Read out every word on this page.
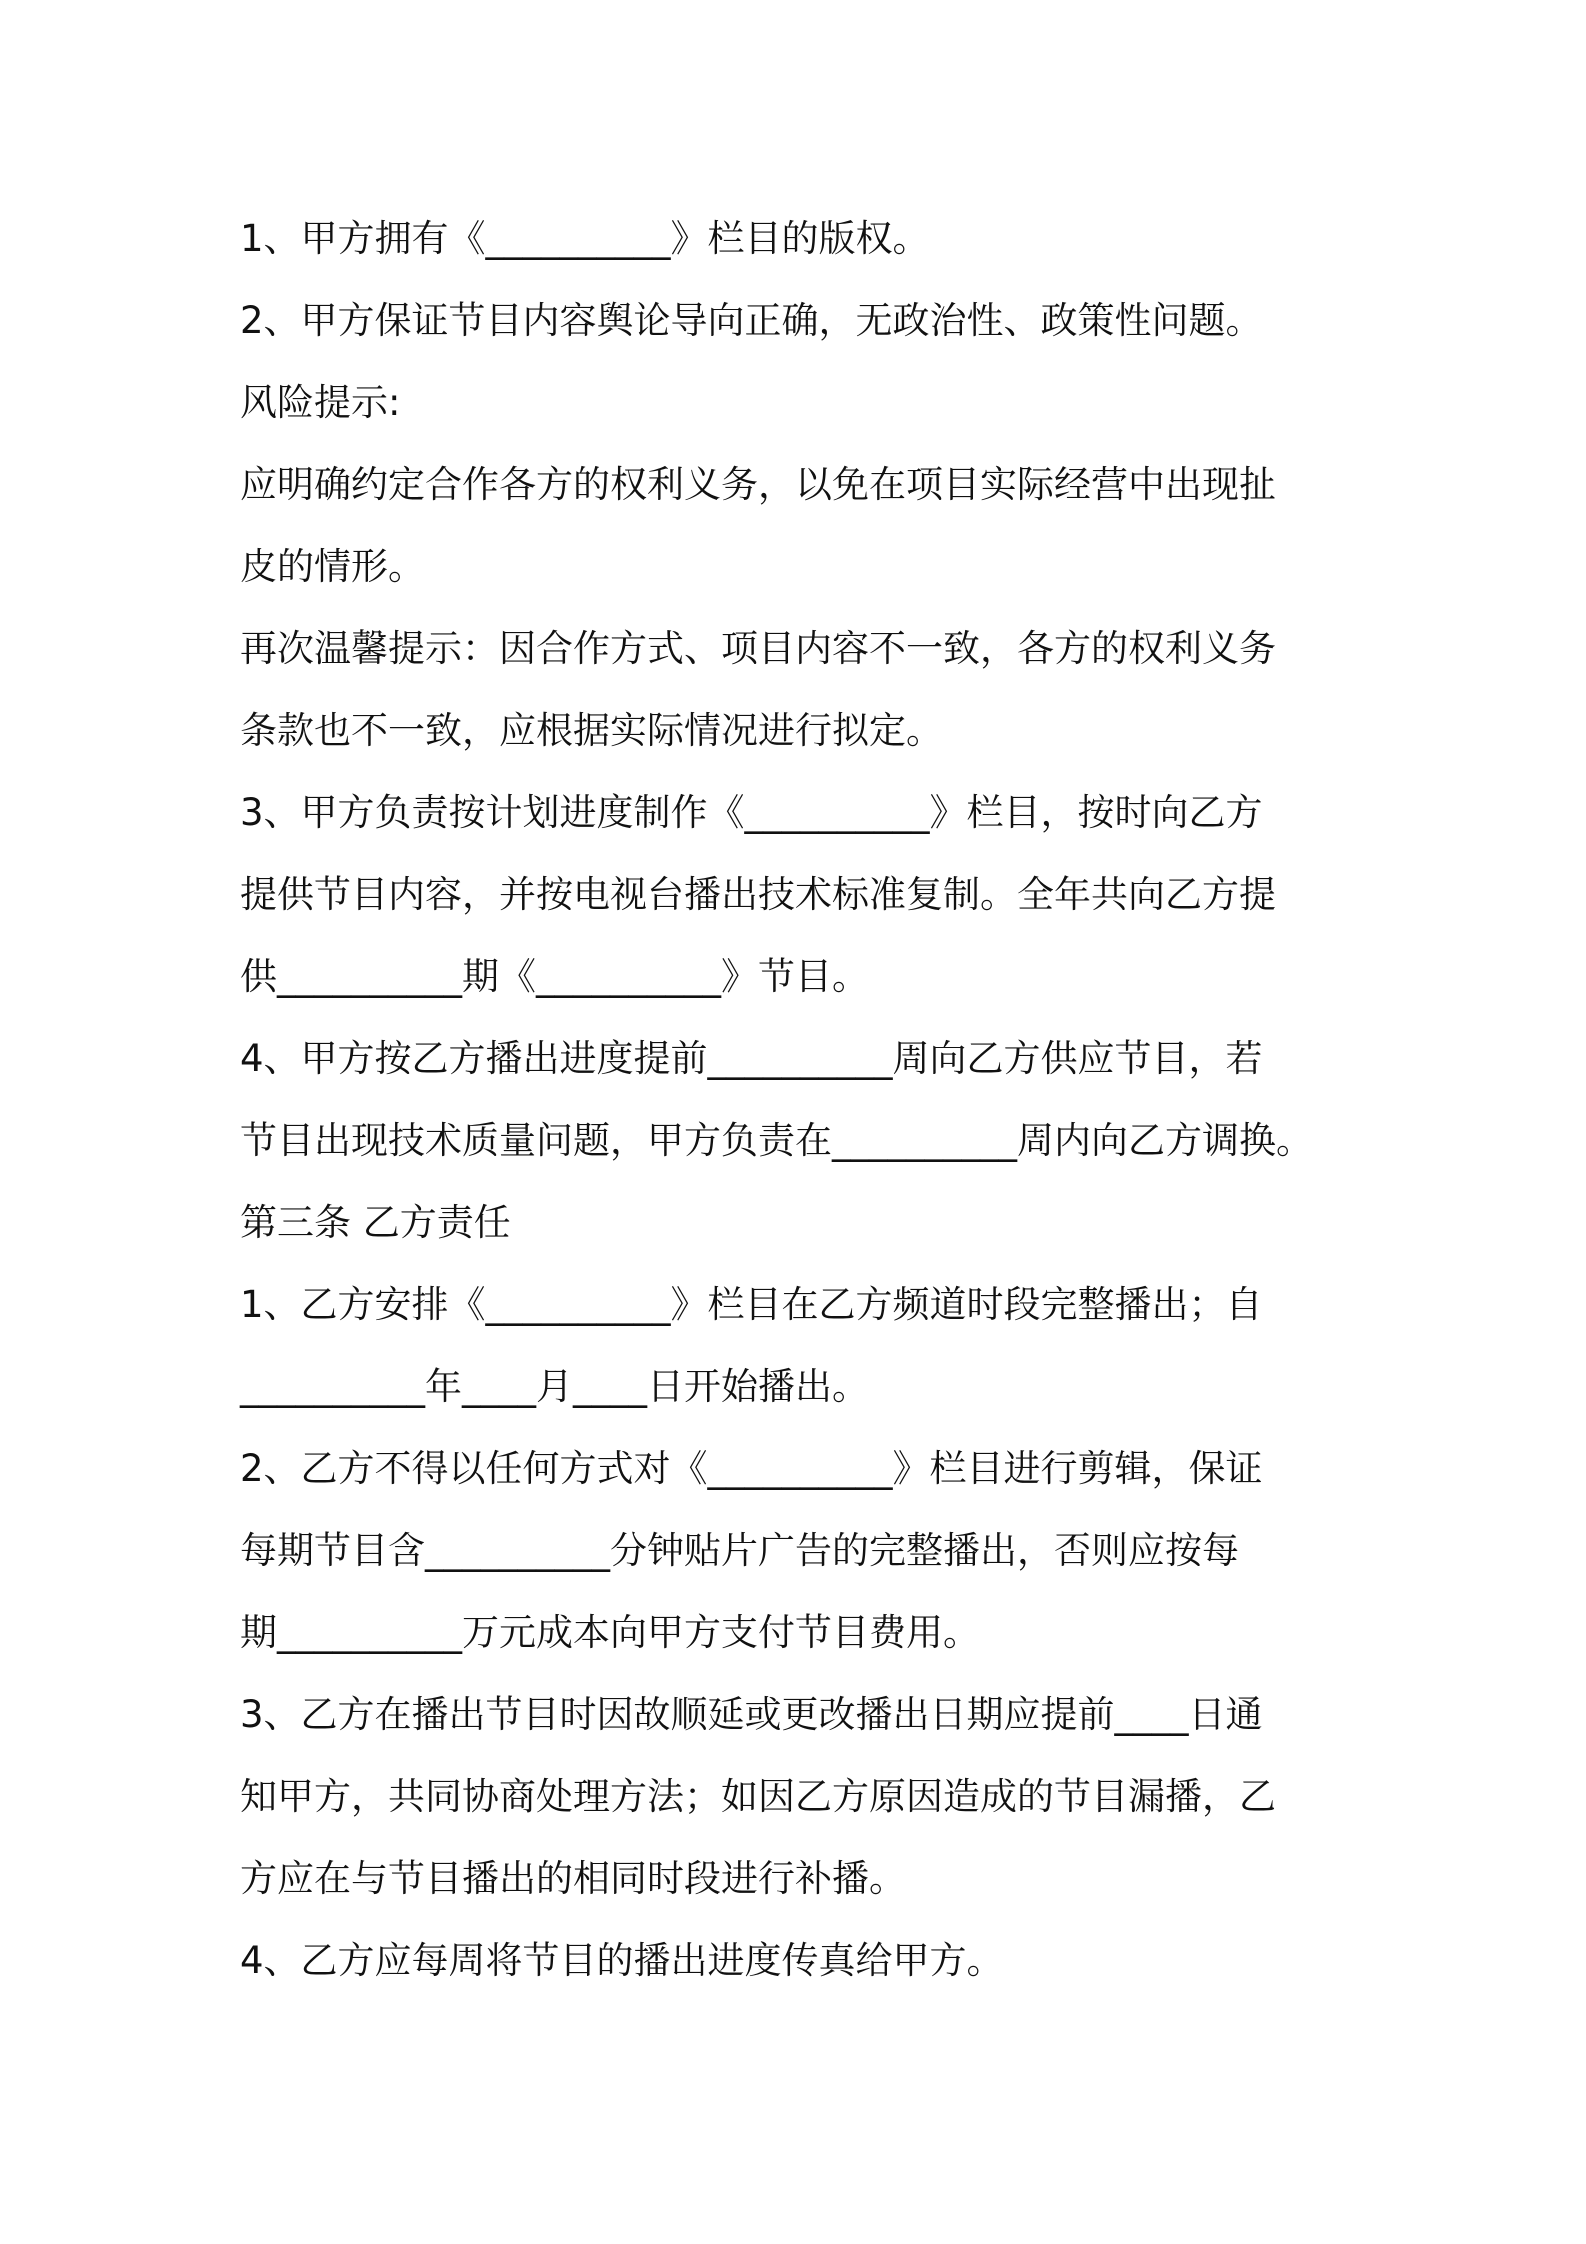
1、甲方拥有《__________》栏目的版权。
2、甲方保证节目内容舆论导向正确，无政治性、政策性问题。
风险提示:
应明确约定合作各方的权利义务，以免在项目实际经营中出现扯
皮的情形。
再次温馨提示：因合作方式、项目内容不一致，各方的权利义务
条款也不一致，应根据实际情况进行拟定。
3、甲方负责按计划进度制作《__________》栏目，按时向乙方
提供节目内容，并按电视台播出技术标准复制。全年共向乙方提
供__________期《__________》节目。
4、甲方按乙方播出进度提前__________周向乙方供应节目，若
节目出现技术质量问题，甲方负责在__________周内向乙方调换。
第三条 乙方责任
1、乙方安排《__________》栏目在乙方频道时段完整播出；自
__________年____月____日开始播出。
2、乙方不得以任何方式对《__________》栏目进行剪辑，保证
每期节目含__________分钟贴片广告的完整播出，否则应按每
期__________万元成本向甲方支付节目费用。
3、乙方在播出节目时因故顺延或更改播出日期应提前____日通
知甲方，共同协商处理方法；如因乙方原因造成的节目漏播，乙
方应在与节目播出的相同时段进行补播。
4、乙方应每周将节目的播出进度传真给甲方。
